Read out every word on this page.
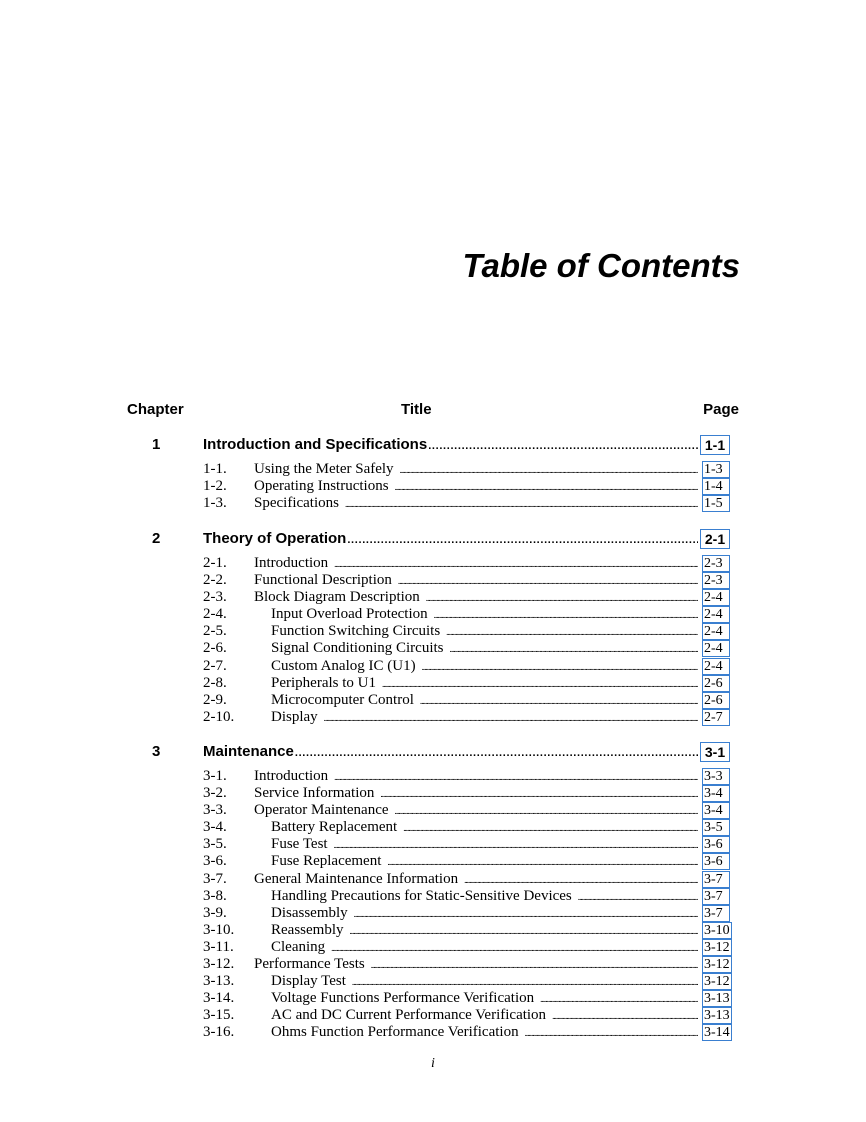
Table of Contents
Chapter	Title	Page
1	Introduction and Specifications . . .	1-1
1-1. Using the Meter Safely . . .	1-3
1-2. Operating Instructions . . .	1-4
1-3. Specifications . . .	1-5
2	Theory of Operation . . .	2-1
2-1. Introduction . . .	2-3
2-2. Functional Description . . .	2-3
2-3. Block Diagram Description . . .	2-4
2-4.	Input Overload Protection . . .	2-4
2-5.	Function Switching Circuits . . .	2-4
2-6.	Signal Conditioning Circuits . . .	2-4
2-7.	Custom Analog IC (U1) . . .	2-4
2-8.	Peripherals to U1 . . .	2-6
2-9.	Microcomputer Control . . .	2-6
2-10. Display . . .	2-7
3	Maintenance . . .	3-1
3-1. Introduction . . .	3-3
3-2. Service Information . . .	3-4
3-3. Operator Maintenance . . .	3-4
3-4.	Battery Replacement . . .	3-5
3-5.	Fuse Test . . .	3-6
3-6.	Fuse Replacement . . .	3-6
3-7. General Maintenance Information . . .	3-7
3-8.	Handling Precautions for Static-Sensitive Devices . . .	3-7
3-9.	Disassembly . . .	3-7
3-10. Reassembly . . .	3-10
3-11. Cleaning . . .	3-12
3-12. Performance Tests . . .	3-12
3-13. Display Test . . .	3-12
3-14. Voltage Functions Performance Verification . . .	3-13
3-15. AC and DC Current Performance Verification . . .	3-13
3-16. Ohms Function Performance Verification . . .	3-14
i
